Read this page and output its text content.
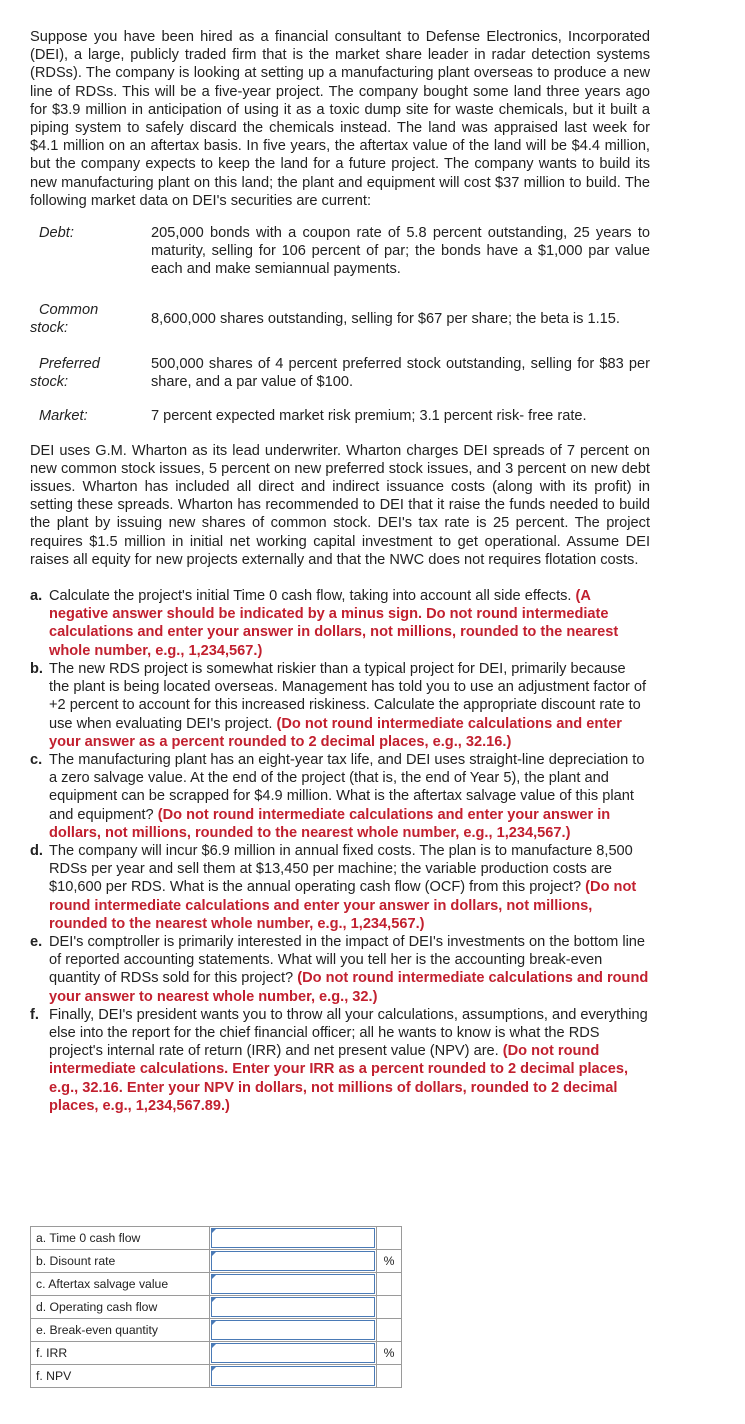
Suppose you have been hired as a financial consultant to Defense Electronics, Incorporated (DEI), a large, publicly traded firm that is the market share leader in radar detection systems (RDSs). The company is looking at setting up a manufacturing plant overseas to produce a new line of RDSs. This will be a five-year project. The company bought some land three years ago for $3.9 million in anticipation of using it as a toxic dump site for waste chemicals, but it built a piping system to safely discard the chemicals instead. The land was appraised last week for $4.1 million on an aftertax basis. In five years, the aftertax value of the land will be $4.4 million, but the company expects to keep the land for a future project. The company wants to build its new manufacturing plant on this land; the plant and equipment will cost $37 million to build. The following market data on DEI's securities are current:

Debt:	205,000 bonds with a coupon rate of 5.8 percent outstanding, 25 years to maturity, selling for 106 percent of par; the bonds have a $1,000 par value each and make semiannual payments.

Common
stock:	8,600,000 shares outstanding, selling for $67 per share; the beta is 1.15.

Preferred
stock:	500,000 shares of 4 percent preferred stock outstanding, selling for $83 per share, and a par value of $100.

Market:	7 percent expected market risk premium; 3.1 percent risk- free rate.

DEI uses G.M. Wharton as its lead underwriter. Wharton charges DEI spreads of 7 percent on new common stock issues, 5 percent on new preferred stock issues, and 3 percent on new debt issues. Wharton has included all direct and indirect issuance costs (along with its profit) in setting these spreads. Wharton has recommended to DEI that it raise the funds needed to build the plant by issuing new shares of common stock. DEI's tax rate is 25 percent. The project requires $1.5 million in initial net working capital investment to get operational. Assume DEI raises all equity for new projects externally and that the NWC does not requires flotation costs.

a. Calculate the project's initial Time 0 cash flow, taking into account all side effects. (A negative answer should be indicated by a minus sign. Do not round intermediate calculations and enter your answer in dollars, not millions, rounded to the nearest whole number, e.g., 1,234,567.)
b. The new RDS project is somewhat riskier than a typical project for DEI, primarily because the plant is being located overseas. Management has told you to use an adjustment factor of +2 percent to account for this increased riskiness. Calculate the appropriate discount rate to use when evaluating DEI's project. (Do not round intermediate calculations and enter your answer as a percent rounded to 2 decimal places, e.g., 32.16.)
c. The manufacturing plant has an eight-year tax life, and DEI uses straight-line depreciation to a zero salvage value. At the end of the project (that is, the end of Year 5), the plant and equipment can be scrapped for $4.9 million. What is the aftertax salvage value of this plant and equipment? (Do not round intermediate calculations and enter your answer in dollars, not millions, rounded to the nearest whole number, e.g., 1,234,567.)
d. The company will incur $6.9 million in annual fixed costs. The plan is to manufacture 8,500 RDSs per year and sell them at $13,450 per machine; the variable production costs are $10,600 per RDS. What is the annual operating cash flow (OCF) from this project? (Do not round intermediate calculations and enter your answer in dollars, not millions, rounded to the nearest whole number, e.g., 1,234,567.)
e. DEI's comptroller is primarily interested in the impact of DEI's investments on the bottom line of reported accounting statements. What will you tell her is the accounting break-even quantity of RDSs sold for this project? (Do not round intermediate calculations and round your answer to nearest whole number, e.g., 32.)
f. Finally, DEI's president wants you to throw all your calculations, assumptions, and everything else into the report for the chief financial officer; all he wants to know is what the RDS project's internal rate of return (IRR) and net present value (NPV) are. (Do not round intermediate calculations. Enter your IRR as a percent rounded to 2 decimal places, e.g., 32.16. Enter your NPV in dollars, not millions of dollars, rounded to 2 decimal places, e.g., 1,234,567.89.)
a. Time 0 cash flow	

b. Disount rate		%
c. Aftertax salvage value	

d. Operating cash flow	

e. Break-even quantity	

f. IRR		%
f. NPV	
